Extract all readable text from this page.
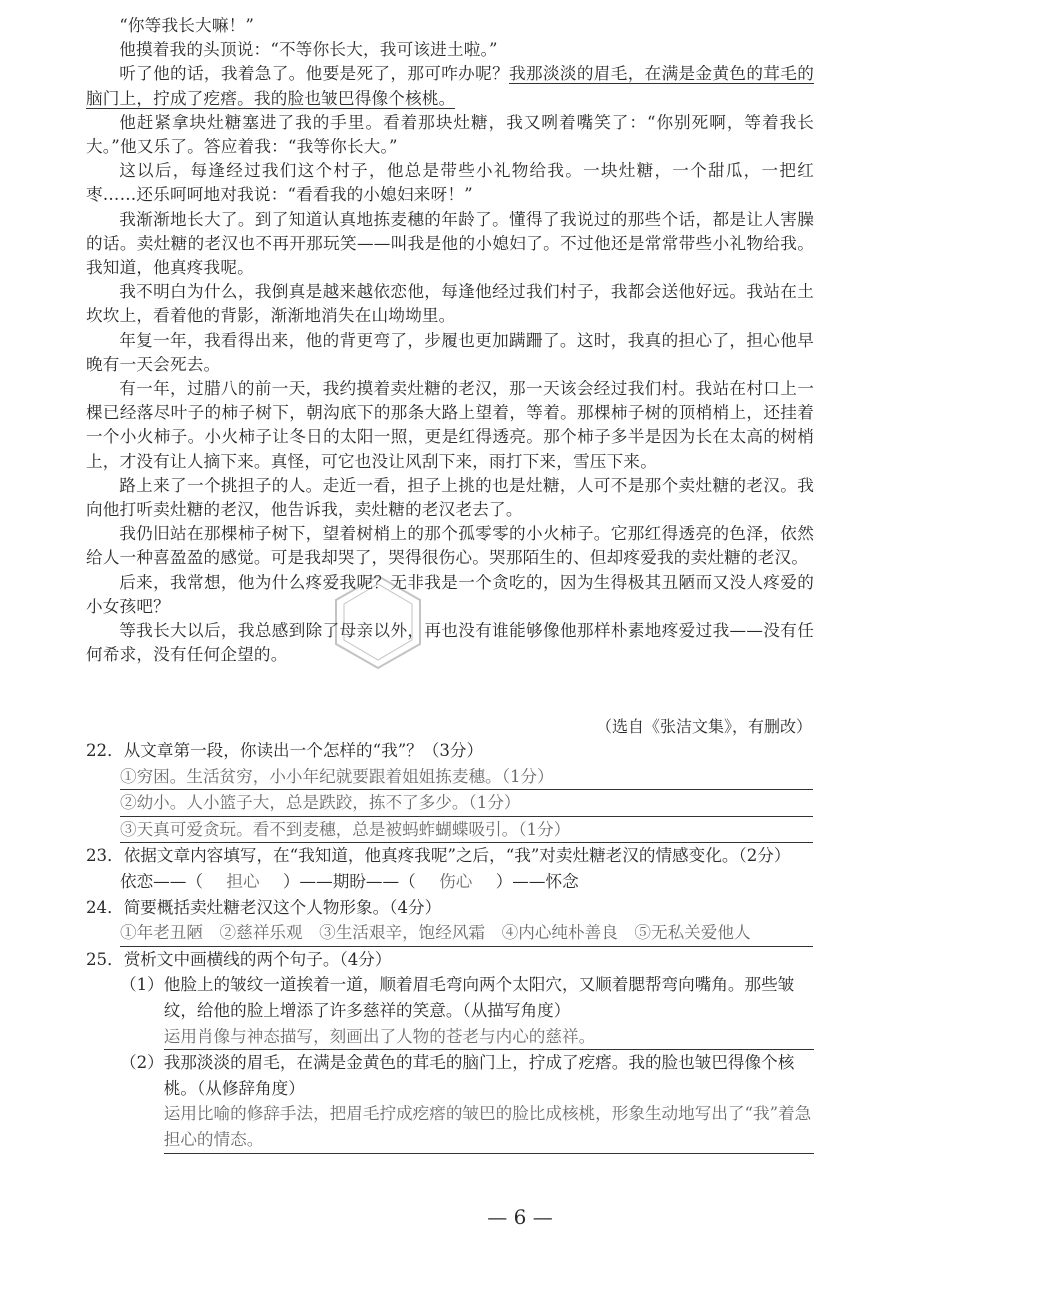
“你等我长大嘛！”

他摸着我的头顶说：“不等你长大，我可该进土啦。”

听了他的话，我着急了。他要是死了，那可咋办呢？我那淡淡的眉毛，在满是金黄色的茸毛的脑门上，拧成了疙瘩。我的脸也皱巴得像个核桃。

他赶紧拿块灶糖塞进了我的手里。看着那块灶糖，我又咧着嘴笑了：“你别死啊，等着我长大。”他又乐了。答应着我：“我等你长大。”

这以后，每逢经过我们这个村子，他总是带些小礼物给我。一块灶糖，一个甜瓜，一把红枣……还乐呵呵地对我说：“看看我的小媳妇来呀！”

我渐渐地长大了。到了知道认真地拣麦穗的年龄了。懂得了我说过的那些个话，都是让人害臊的话。卖灶糖的老汉也不再开那玩笑——叫我是他的小媳妇了。不过他还是常常带些小礼物给我。我知道，他真疼我呢。

我不明白为什么，我倒真是越来越依恋他，每逢他经过我们村子，我都会送他好远。我站在土坎坎上，看着他的背影，渐渐地消失在山坳坳里。

年复一年，我看得出来，他的背更弯了，步履也更加蹒跚了。这时，我真的担心了，担心他早晚有一天会死去。

有一年，过腊八的前一天，我约摸着卖灶糖的老汉，那一天该会经过我们村。我站在村口上一棵已经落尽叶子的柿子树下，朝沟底下的那条大路上望着，等着。那棵柿子树的顶梢梢上，还挂着一个小火柿子。小火柿子让冬日的太阳一照，更是红得透亮。那个柿子多半是因为长在太高的树梢上，才没有让人摘下来。真怪，可它也没让风刮下来，雨打下来，雪压下来。

路上来了一个挑担子的人。走近一看，担子上挑的也是灶糖，人可不是那个卖灶糖的老汉。我向他打听卖灶糖的老汉，他告诉我，卖灶糖的老汉老去了。

我仍旧站在那棵柿子树下，望着树梢上的那个孤零零的小火柿子。它那红得透亮的色泽，依然给人一种喜盈盈的感觉。可是我却哭了，哭得很伤心。哭那陌生的、但却疼爱我的卖灶糖的老汉。

后来，我常想，他为什么疼爱我呢？无非我是一个贪吃的，因为生得极其丑陋而又没人疼爱的小女孩吧？

等我长大以后，我总感到除了母亲以外，再也没有谁能够像他那样朴素地疼爱过我——没有任何希求，没有任何企望的。

（选自《张洁文集》，有删改）

22．从文章第一段，你读出一个怎样的“我”？（3分）

①穷困。生活贫穷，小小年纪就要跟着姐姐拣麦穗。（1分）
②幼小。人小篮子大，总是跌跤，拣不了多少。（1分）
③天真可爱贪玩。看不到麦穗，总是被蚂蚱蝴蝶吸引。（1分）

23．依据文章内容填写，在“我知道，他真疼我呢”之后，“我”对卖灶糖老汉的情感变化。（2分）

依恋——（ 担心 ）——期盼——（ 伤心 ）——怀念

24．简要概括卖灶糖老汉这个人物形象。（4分）

①年老丑陋　②慈祥乐观　③生活艰辛，饱经风霜　④内心纯朴善良　⑤无私关爱他人

25．赏析文中画横线的两个句子。（4分）

（1） 他脸上的皱纹一道挨着一道，顺着眉毛弯向两个太阳穴，又顺着腮帮弯向嘴角。那些皱纹，给他的脸上增添了许多慈祥的笑意。（从描写角度）
运用肖像与神态描写，刻画出了人物的苍老与内心的慈祥。
（2） 我那淡淡的眉毛，在满是金黄色的茸毛的脑门上，拧成了疙瘩。我的脸也皱巴得像个核桃。（从修辞角度）
运用比喻的修辞手法，把眉毛拧成疙瘩的皱巴的脸比成核桃，形象生动地写出了“我”着急担心的情态。
— 6 —
